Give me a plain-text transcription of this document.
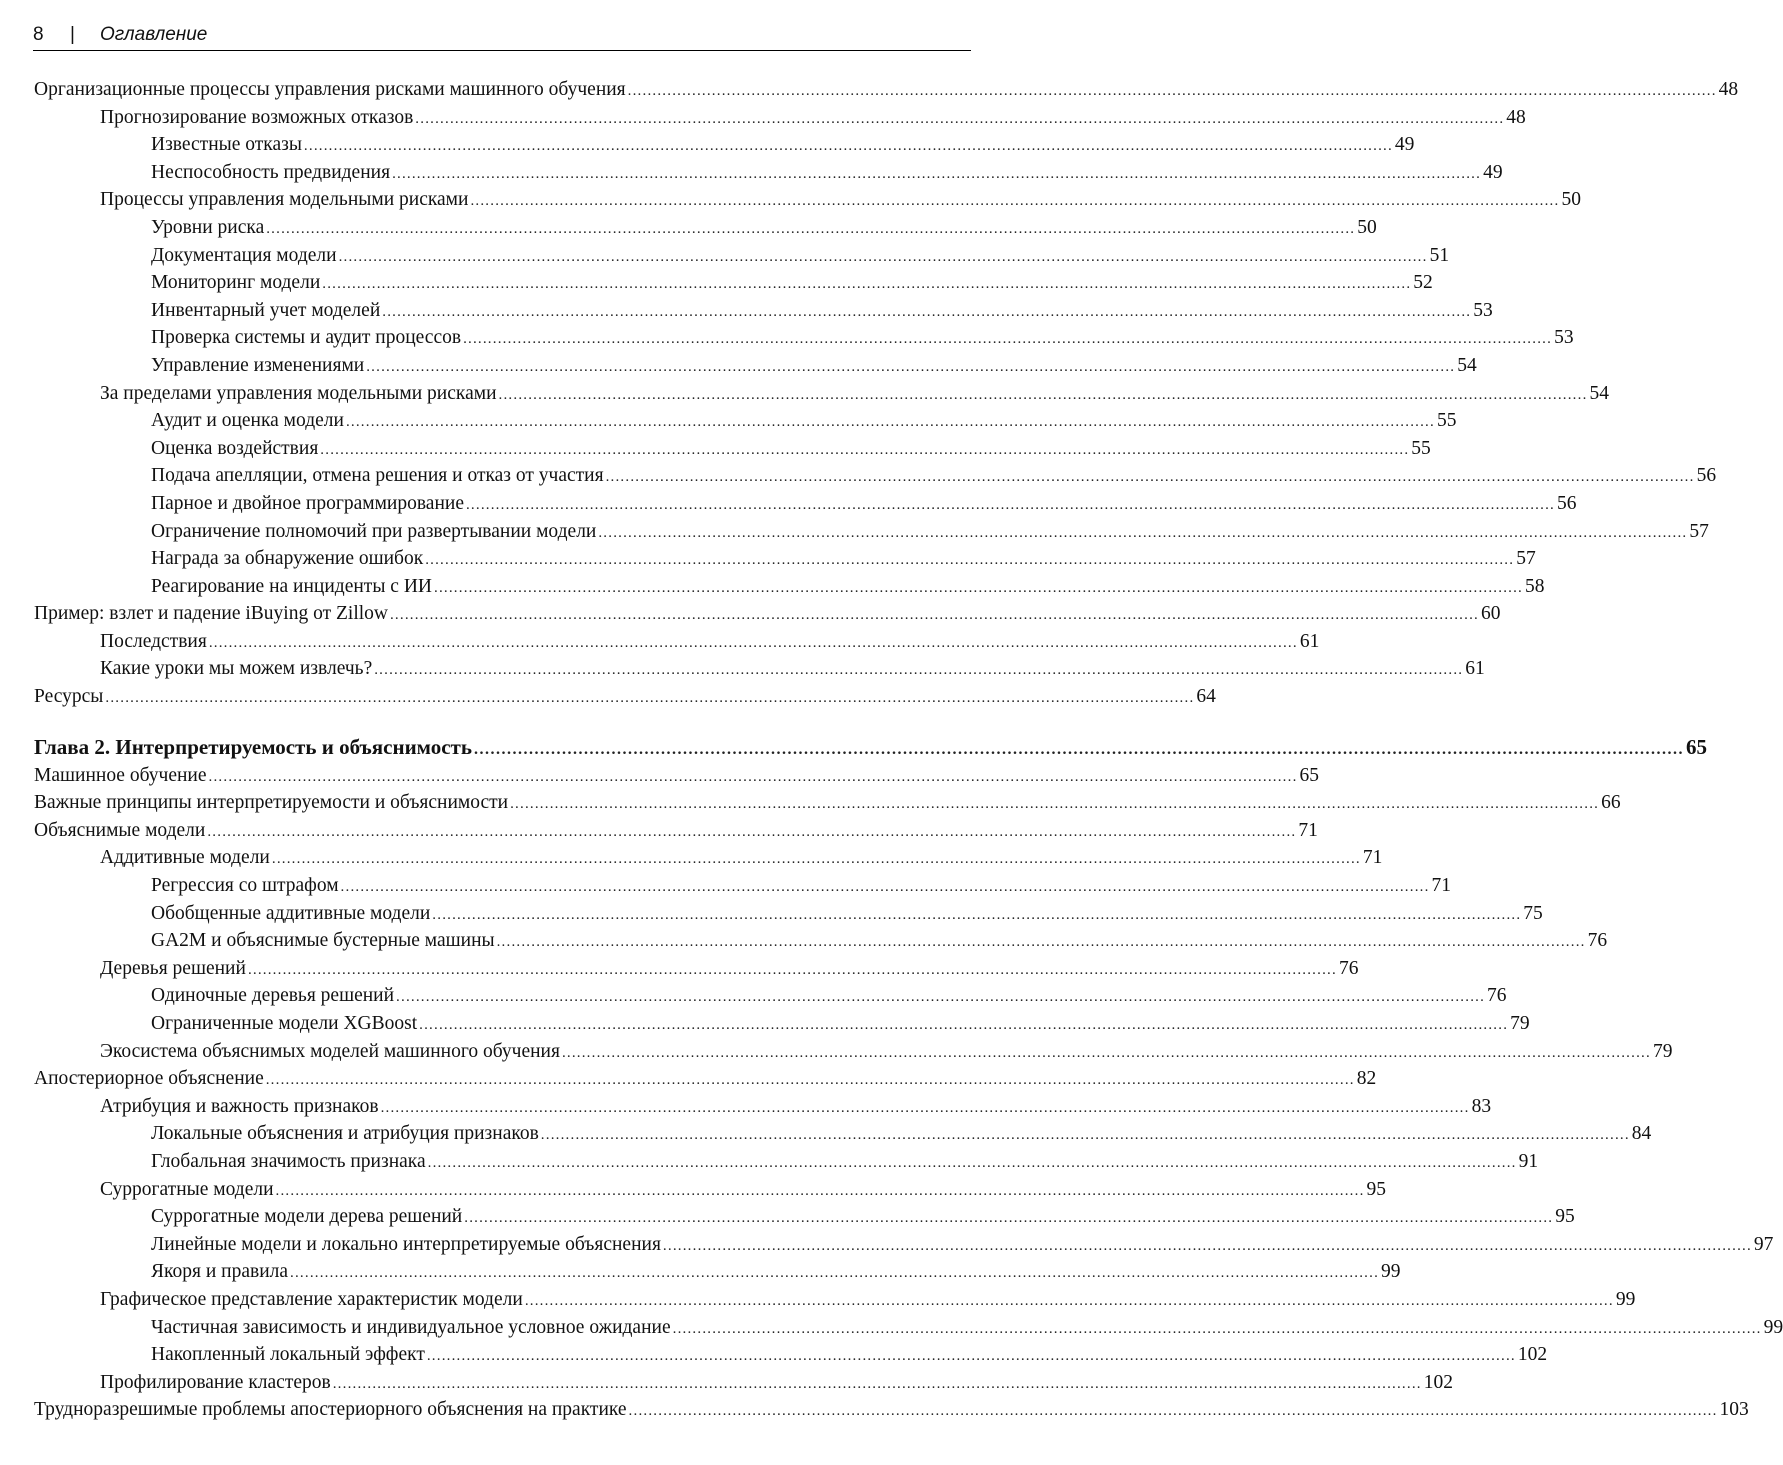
8 | Оглавление
Организационные процессы управления рисками машинного обучения ............................................................................................................................................................................................................................ 48
Прогнозирование возможных отказов ............................................................................................................................................................................................................................ 48
Известные отказы ............................................................................................................................................................................................................................ 49
Неспособность предвидения ............................................................................................................................................................................................................................ 49
Процессы управления модельными рисками ............................................................................................................................................................................................................................ 50
Уровни риска ............................................................................................................................................................................................................................ 50
Документация модели ............................................................................................................................................................................................................................ 51
Мониторинг модели ............................................................................................................................................................................................................................ 52
Инвентарный учет моделей ............................................................................................................................................................................................................................ 53
Проверка системы и аудит процессов ............................................................................................................................................................................................................................ 53
Управление изменениями ............................................................................................................................................................................................................................ 54
За пределами управления модельными рисками ............................................................................................................................................................................................................................ 54
Аудит и оценка модели ............................................................................................................................................................................................................................ 55
Оценка воздействия ............................................................................................................................................................................................................................ 55
Подача апелляции, отмена решения и отказ от участия ............................................................................................................................................................................................................................ 56
Парное и двойное программирование ............................................................................................................................................................................................................................ 56
Ограничение полномочий при развертывании модели ............................................................................................................................................................................................................................ 57
Награда за обнаружение ошибок ............................................................................................................................................................................................................................ 57
Реагирование на инциденты с ИИ ............................................................................................................................................................................................................................ 58
Пример: взлет и падение iBuying от Zillow ............................................................................................................................................................................................................................ 60
Последствия ............................................................................................................................................................................................................................ 61
Какие уроки мы можем извлечь? ............................................................................................................................................................................................................................ 61
Ресурсы ............................................................................................................................................................................................................................ 64
Глава 2. Интерпретируемость и объяснимость ............................................................................................................................................................................................................................ 65
Машинное обучение ............................................................................................................................................................................................................................ 65
Важные принципы интерпретируемости и объяснимости ............................................................................................................................................................................................................................ 66
Объяснимые модели ............................................................................................................................................................................................................................ 71
Аддитивные модели ............................................................................................................................................................................................................................ 71
Регрессия со штрафом ............................................................................................................................................................................................................................ 71
Обобщенные аддитивные модели ............................................................................................................................................................................................................................ 75
GA2M и объяснимые бустерные машины ............................................................................................................................................................................................................................ 76
Деревья решений ............................................................................................................................................................................................................................ 76
Одиночные деревья решений ............................................................................................................................................................................................................................ 76
Ограниченные модели XGBoost ............................................................................................................................................................................................................................ 79
Экосистема объяснимых моделей машинного обучения ............................................................................................................................................................................................................................ 79
Апостериорное объяснение ............................................................................................................................................................................................................................ 82
Атрибуция и важность признаков ............................................................................................................................................................................................................................ 83
Локальные объяснения и атрибуция признаков ............................................................................................................................................................................................................................ 84
Глобальная значимость признака ............................................................................................................................................................................................................................ 91
Суррогатные модели ............................................................................................................................................................................................................................ 95
Суррогатные модели дерева решений ............................................................................................................................................................................................................................ 95
Линейные модели и локально интерпретируемые объяснения ............................................................................................................................................................................................................................ 97
Якоря и правила ............................................................................................................................................................................................................................ 99
Графическое представление характеристик модели ............................................................................................................................................................................................................................ 99
Частичная зависимость и индивидуальное условное ожидание ............................................................................................................................................................................................................................ 99
Накопленный локальный эффект ............................................................................................................................................................................................................................ 102
Профилирование кластеров ............................................................................................................................................................................................................................ 102
Трудноразрешимые проблемы апостериорного объяснения на практике ............................................................................................................................................................................................................................ 103
